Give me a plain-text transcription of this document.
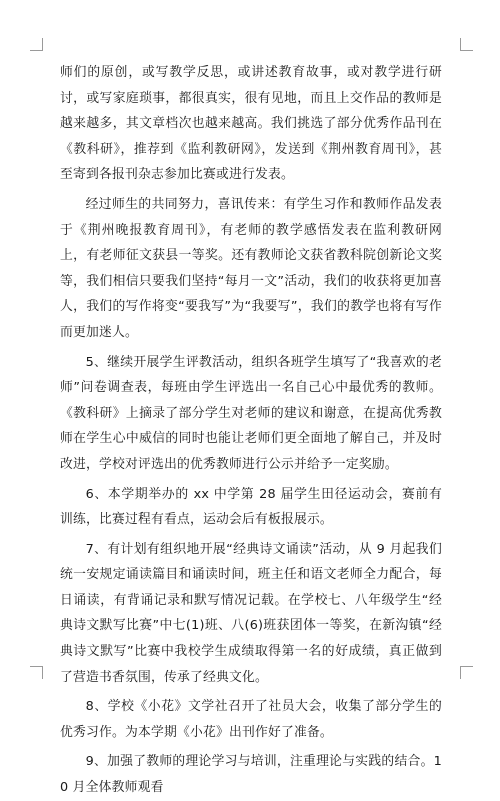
师们的原创，或写教学反思，或讲述教育故事，或对教学进行研讨，或写家庭琐事，都很真实，很有见地，而且上交作品的教师是越来越多，其文章档次也越来越高。我们挑选了部分优秀作品刊在《教科研》，推荐到《监利教研网》，发送到《荆州教育周刊》，甚至寄到各报刊杂志参加比赛或进行发表。

经过师生的共同努力，喜讯传来：有学生习作和教师作品发表于《荆州晚报教育周刊》，有老师的教学感悟发表在监利教研网上，有老师征文获县一等奖。还有教师论文获省教科院创新论文奖等，我们相信只要我们坚持“每月一文”活动，我们的收获将更加喜人，我们的写作将变“要我写”为“我要写”，我们的教学也将有写作而更加迷人。

5、继续开展学生评教活动，组织各班学生填写了“我喜欢的老师”问卷调查表，每班由学生评选出一名自己心中最优秀的教师。《教科研》上摘录了部分学生对老师的建议和谢意，在提高优秀教师在学生心中威信的同时也能让老师们更全面地了解自己，并及时改进，学校对评选出的优秀教师进行公示并给予一定奖励。

6、本学期举办的 xx 中学第 28 届学生田径运动会，赛前有训练，比赛过程有看点，运动会后有板报展示。

7、有计划有组织地开展“经典诗文诵读”活动，从 9 月起我们统一安规定诵读篇目和诵读时间，班主任和语文老师全力配合，每日诵读，有背诵记录和默写情况记载。在学校七、八年级学生“经典诗文默写比赛”中七(1)班、八(6)班获团体一等奖，在新沟镇“经典诗文默写”比赛中我校学生成绩取得第一名的好成绩，真正做到了营造书香氛围，传承了经典文化。

8、学校《小花》文学社召开了社员大会，收集了部分学生的优秀习作。为本学期《小花》出刊作好了准备。

9、加强了教师的理论学习与培训，注重理论与实践的结合。10 月全体教师观看
